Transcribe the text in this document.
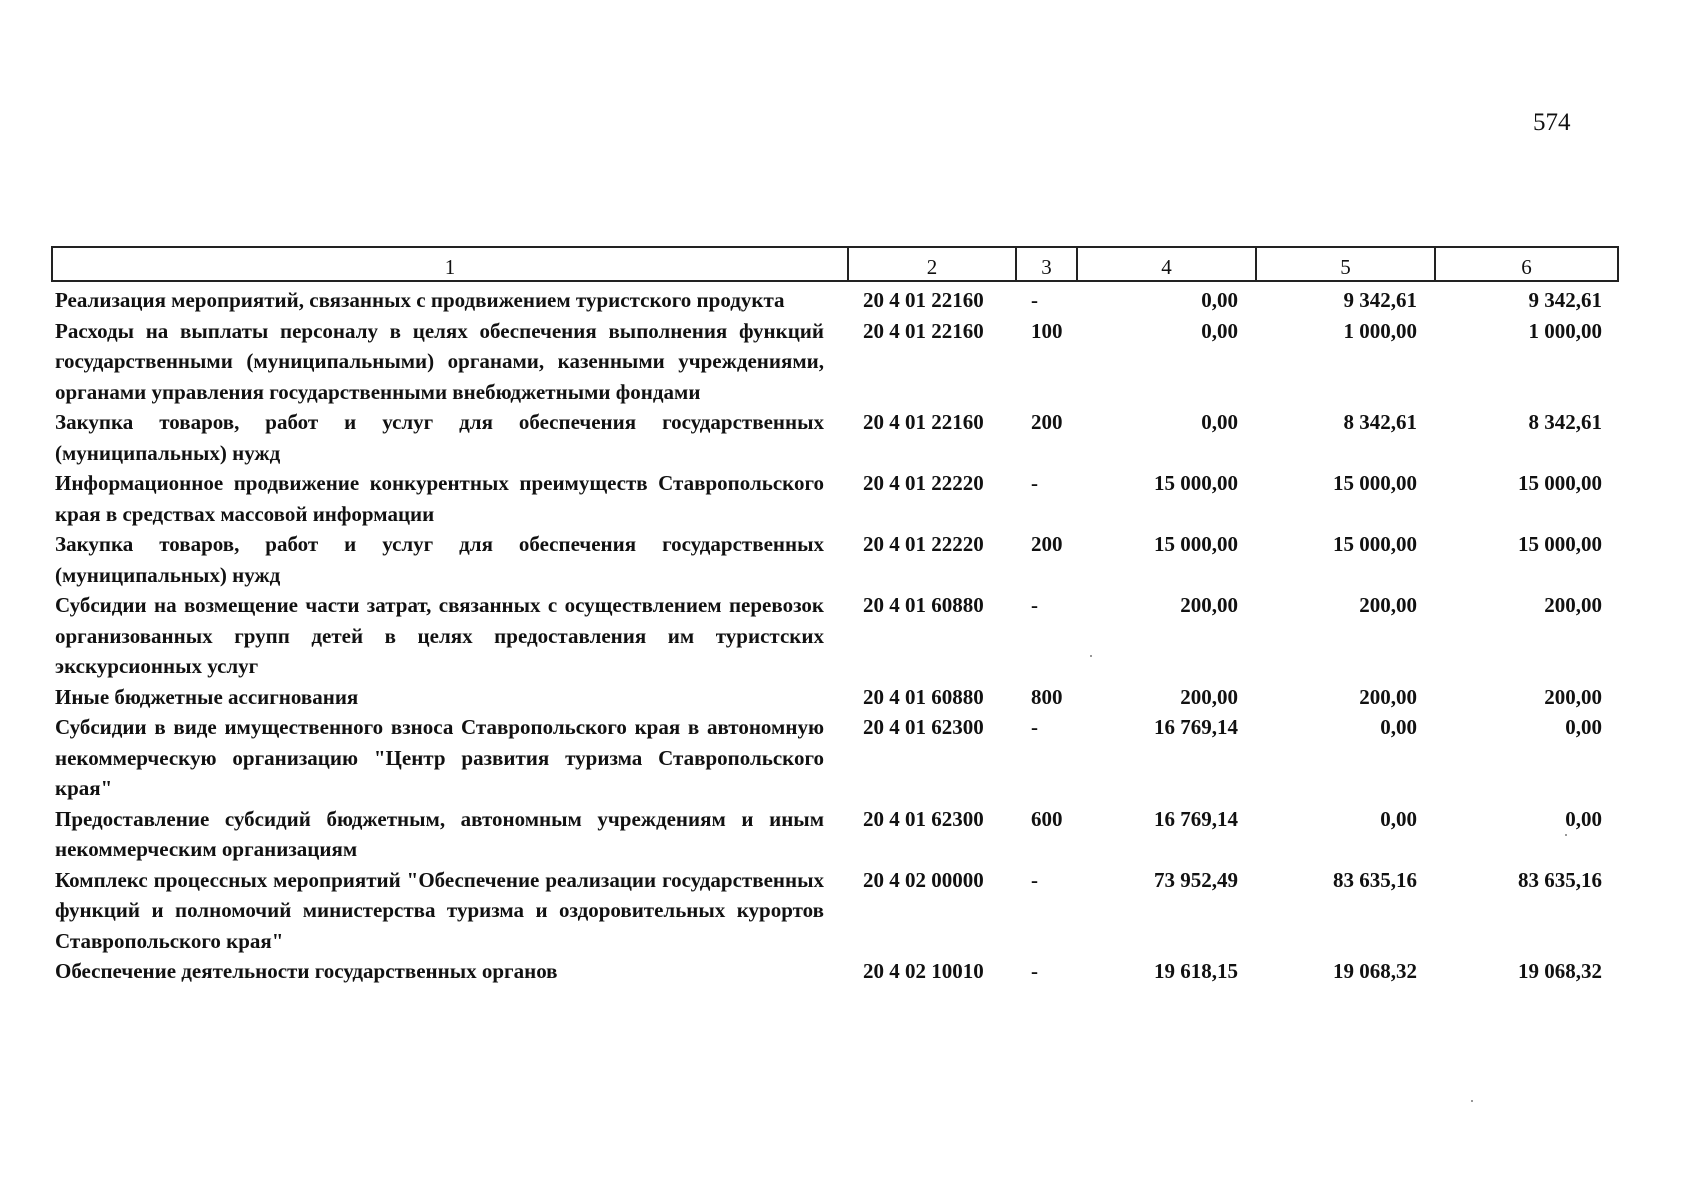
574
1	2	3	4	5	6
Реализация мероприятий, связанных с продвижением туристского продукта	20 4 01 22160	-	0,00	9 342,61	9 342,61
Расходы на выплаты персоналу в целях обеспечения выполнения функций государственными (муниципальными) органами, казенными учреждениями, органами управления государственными внебюджетными фондами	20 4 01 22160	100	0,00	1 000,00	1 000,00
Закупка товаров, работ и услуг для обеспечения государственных (муниципальных) нужд	20 4 01 22160	200	0,00	8 342,61	8 342,61
Информационное продвижение конкурентных преимуществ Ставропольского края в средствах массовой информации	20 4 01 22220	-	15 000,00	15 000,00	15 000,00
Закупка товаров, работ и услуг для обеспечения государственных (муниципальных) нужд	20 4 01 22220	200	15 000,00	15 000,00	15 000,00
Субсидии на возмещение части затрат, связанных с осуществлением перевозок организованных групп детей в целях предоставления им туристских экскурсионных услуг	20 4 01 60880	-	200,00	200,00	200,00
Иные бюджетные ассигнования	20 4 01 60880	800	200,00	200,00	200,00
Субсидии в виде имущественного взноса Ставропольского края в автономную некоммерческую организацию "Центр развития туризма Ставропольского края"	20 4 01 62300	-	16 769,14	0,00	0,00
Предоставление субсидий бюджетным, автономным учреждениям и иным некоммерческим организациям	20 4 01 62300	600	16 769,14	0,00	0,00
Комплекс процессных мероприятий "Обеспечение реализации государственных функций и полномочий министерства туризма и оздоровительных курортов Ставропольского края"	20 4 02 00000	-	73 952,49	83 635,16	83 635,16
Обеспечение деятельности государственных органов	20 4 02 10010	-	19 618,15	19 068,32	19 068,32
